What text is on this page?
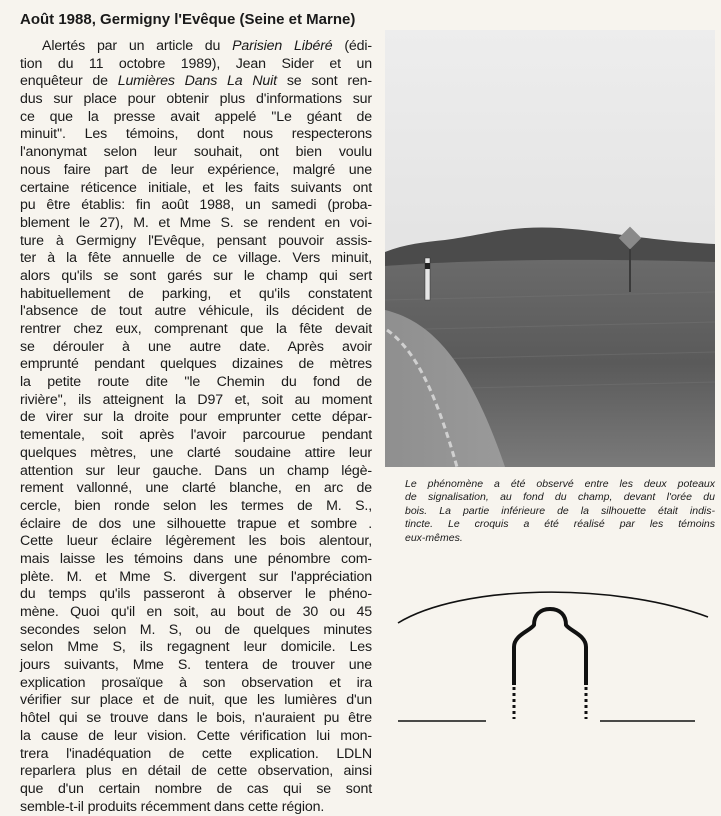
Août 1988, Germigny l'Evêque (Seine et Marne)
Alertés par un article du Parisien Libéré (édi-
tion du 11 octobre 1989), Jean Sider et un
enquêteur de Lumières Dans La Nuit se sont ren-
dus sur place pour obtenir plus d'informations sur
ce que la presse avait appelé ''Le géant de
minuit''. Les témoins, dont nous respecterons
l'anonymat selon leur souhait, ont bien voulu
nous faire part de leur expérience, malgré une
certaine réticence initiale, et les faits suivants ont
pu être établis: fin août 1988, un samedi (proba-
blement le 27), M. et Mme S. se rendent en voi-
ture à Germigny l'Evêque, pensant pouvoir assis-
ter à la fête annuelle de ce village. Vers minuit,
alors qu'ils se sont garés sur le champ qui sert
habituellement de parking, et qu'ils constatent
l'absence de tout autre véhicule, ils décident de
rentrer chez eux, comprenant que la fête devait
se dérouler à une autre date. Après avoir
emprunté pendant quelques dizaines de mètres
la petite route dite ''le Chemin du fond de
rivière'', ils atteignent la D97 et, soit au moment
de virer sur la droite pour emprunter cette dépar-
tementale, soit après l'avoir parcourue pendant
quelques mètres, une clarté soudaine attire leur
attention sur leur gauche. Dans un champ légè-
rement vallonné, une clarté blanche, en arc de
cercle, bien ronde selon les termes de M. S.,
éclaire de dos une silhouette trapue et sombre .
Cette lueur éclaire légèrement les bois alentour,
mais laisse les témoins dans une pénombre com-
plète. M. et Mme S. divergent sur l'appréciation
du temps qu'ils passeront à observer le phéno-
mène. Quoi qu'il en soit, au bout de 30 ou 45
secondes selon M. S, ou de quelques minutes
selon Mme S, ils regagnent leur domicile. Les
jours suivants, Mme S. tentera de trouver une
explication prosaïque à son observation et ira
vérifier sur place et de nuit, que les lumières d'un
hôtel qui se trouve dans le bois, n'auraient pu être
la cause de leur vision. Cette vérification lui mon-
trera l'inadéquation de cette explication. LDLN
reparlera plus en détail de cette observation, ainsi
que d'un certain nombre de cas qui se sont
semble-t-il produits récemment dans cette région.
Le phénomène a été observé entre les deux poteaux
de signalisation, au fond du champ, devant l'orée du
bois. La partie inférieure de la silhouette était indis-
tincte. Le croquis a été réalisé par les témoins
eux-mêmes.
